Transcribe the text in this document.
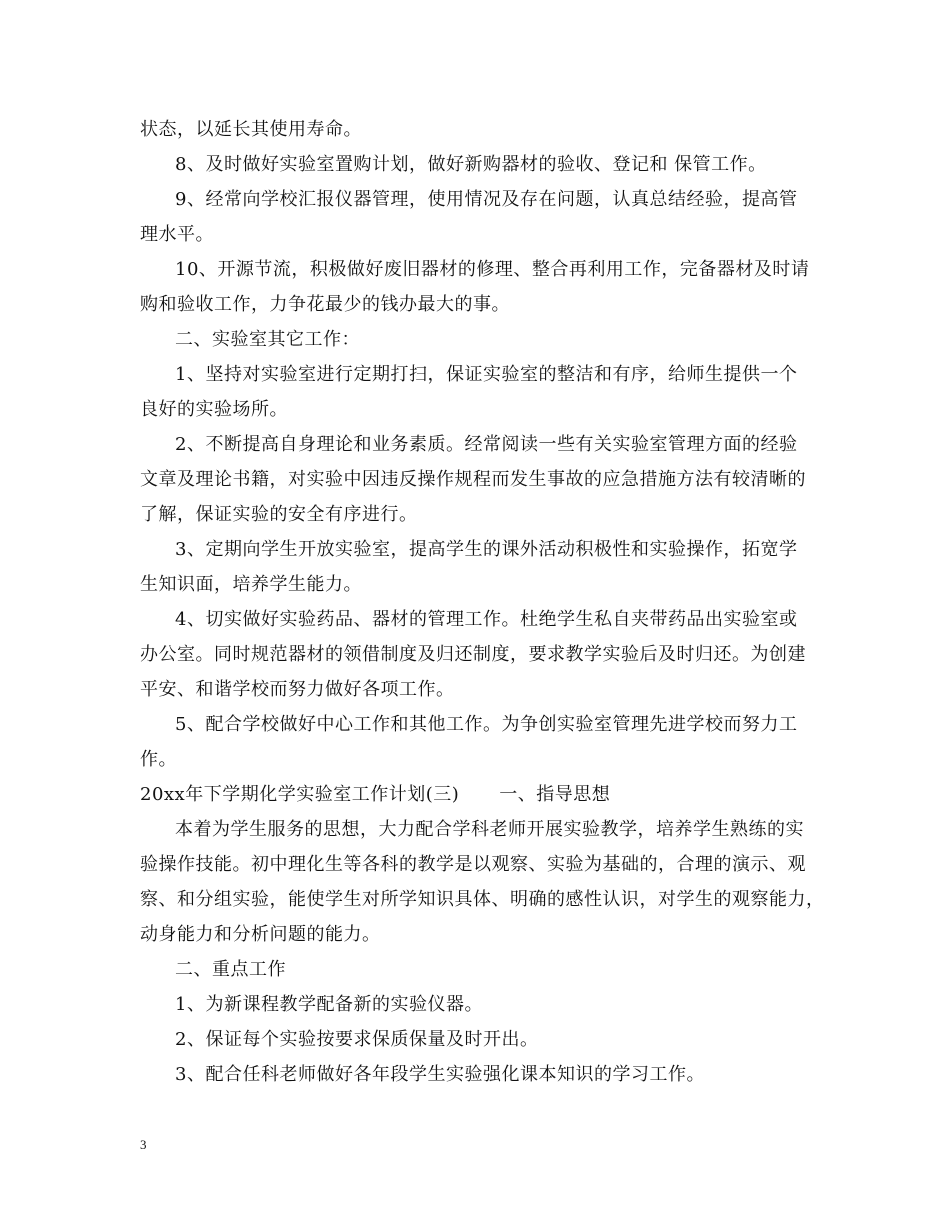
状态，以延长其使用寿命。
8、及时做好实验室置购计划，做好新购器材的验收、登记和 保管工作。
9、经常向学校汇报仪器管理，使用情况及存在问题，认真总结经验，提高管
理水平。
10、开源节流，积极做好废旧器材的修理、整合再利用工作，完备器材及时请
购和验收工作，力争花最少的钱办最大的事。
二、实验室其它工作：
1、坚持对实验室进行定期打扫，保证实验室的整洁和有序，给师生提供一个
良好的实验场所。
2、不断提高自身理论和业务素质。经常阅读一些有关实验室管理方面的经验
文章及理论书籍，对实验中因违反操作规程而发生事故的应急措施方法有较清晰的
了解，保证实验的安全有序进行。
3、定期向学生开放实验室，提高学生的课外活动积极性和实验操作，拓宽学
生知识面，培养学生能力。
4、切实做好实验药品、器材的管理工作。杜绝学生私自夹带药品出实验室或
办公室。同时规范器材的领借制度及归还制度，要求教学实验后及时归还。为创建
平安、和谐学校而努力做好各项工作。
5、配合学校做好中心工作和其他工作。为争创实验室管理先进学校而努力工
作。
20xx年下学期化学实验室工作计划(三) 一、指导思想
本着为学生服务的思想，大力配合学科老师开展实验教学，培养学生熟练的实
验操作技能。初中理化生等各科的教学是以观察、实验为基础的，合理的演示、观
察、和分组实验，能使学生对所学知识具体、明确的感性认识，对学生的观察能力，
动身能力和分析问题的能力。
二、重点工作
1、为新课程教学配备新的实验仪器。
2、保证每个实验按要求保质保量及时开出。
3、配合任科老师做好各年段学生实验强化课本知识的学习工作。
3
